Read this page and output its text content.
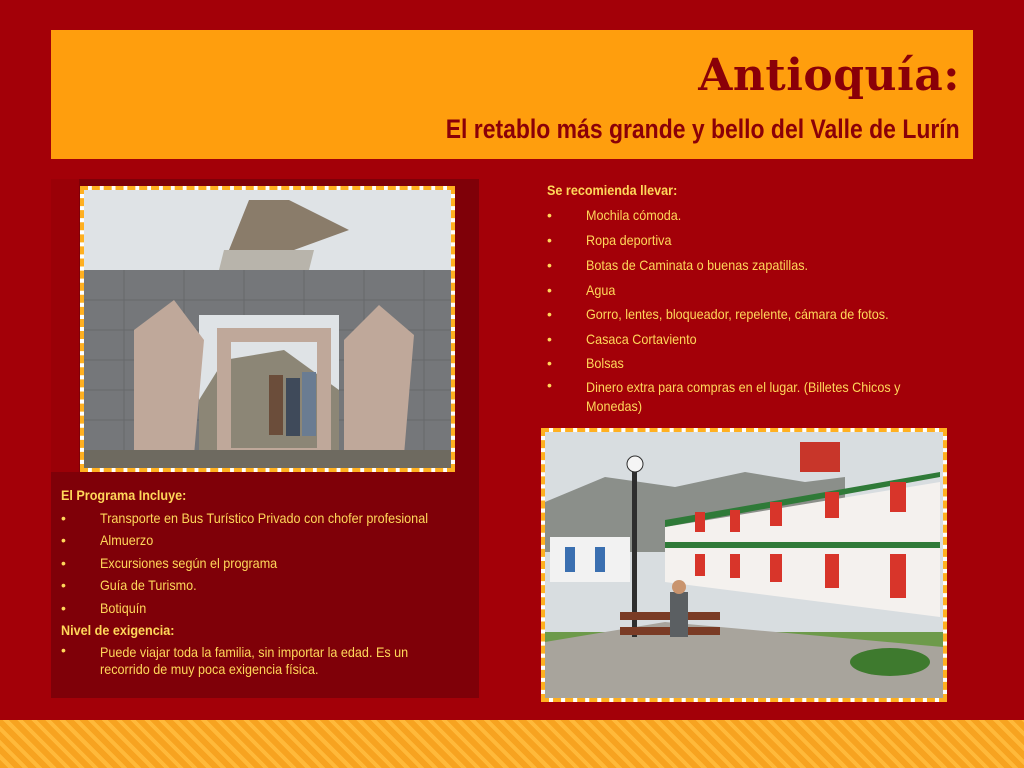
Antioquía:
El retablo más grande y bello del Valle de Lurín
El Programa Incluye:
• Transporte en Bus Turístico Privado con chofer profesional
• Almuerzo
• Excursiones según el programa
• Guía de Turismo.
• Botiquín
Nivel de exigencia:
• Puede viajar toda la familia, sin importar la edad. Es un recorrido de muy poca exigencia física.
Se recomienda llevar:
• Mochila cómoda.
• Ropa deportiva
• Botas de Caminata o buenas zapatillas.
• Agua
• Gorro, lentes, bloqueador, repelente, cámara de fotos.
• Casaca Cortaviento
• Bolsas
• Dinero extra para compras en el lugar. (Billetes Chicos y Monedas)
